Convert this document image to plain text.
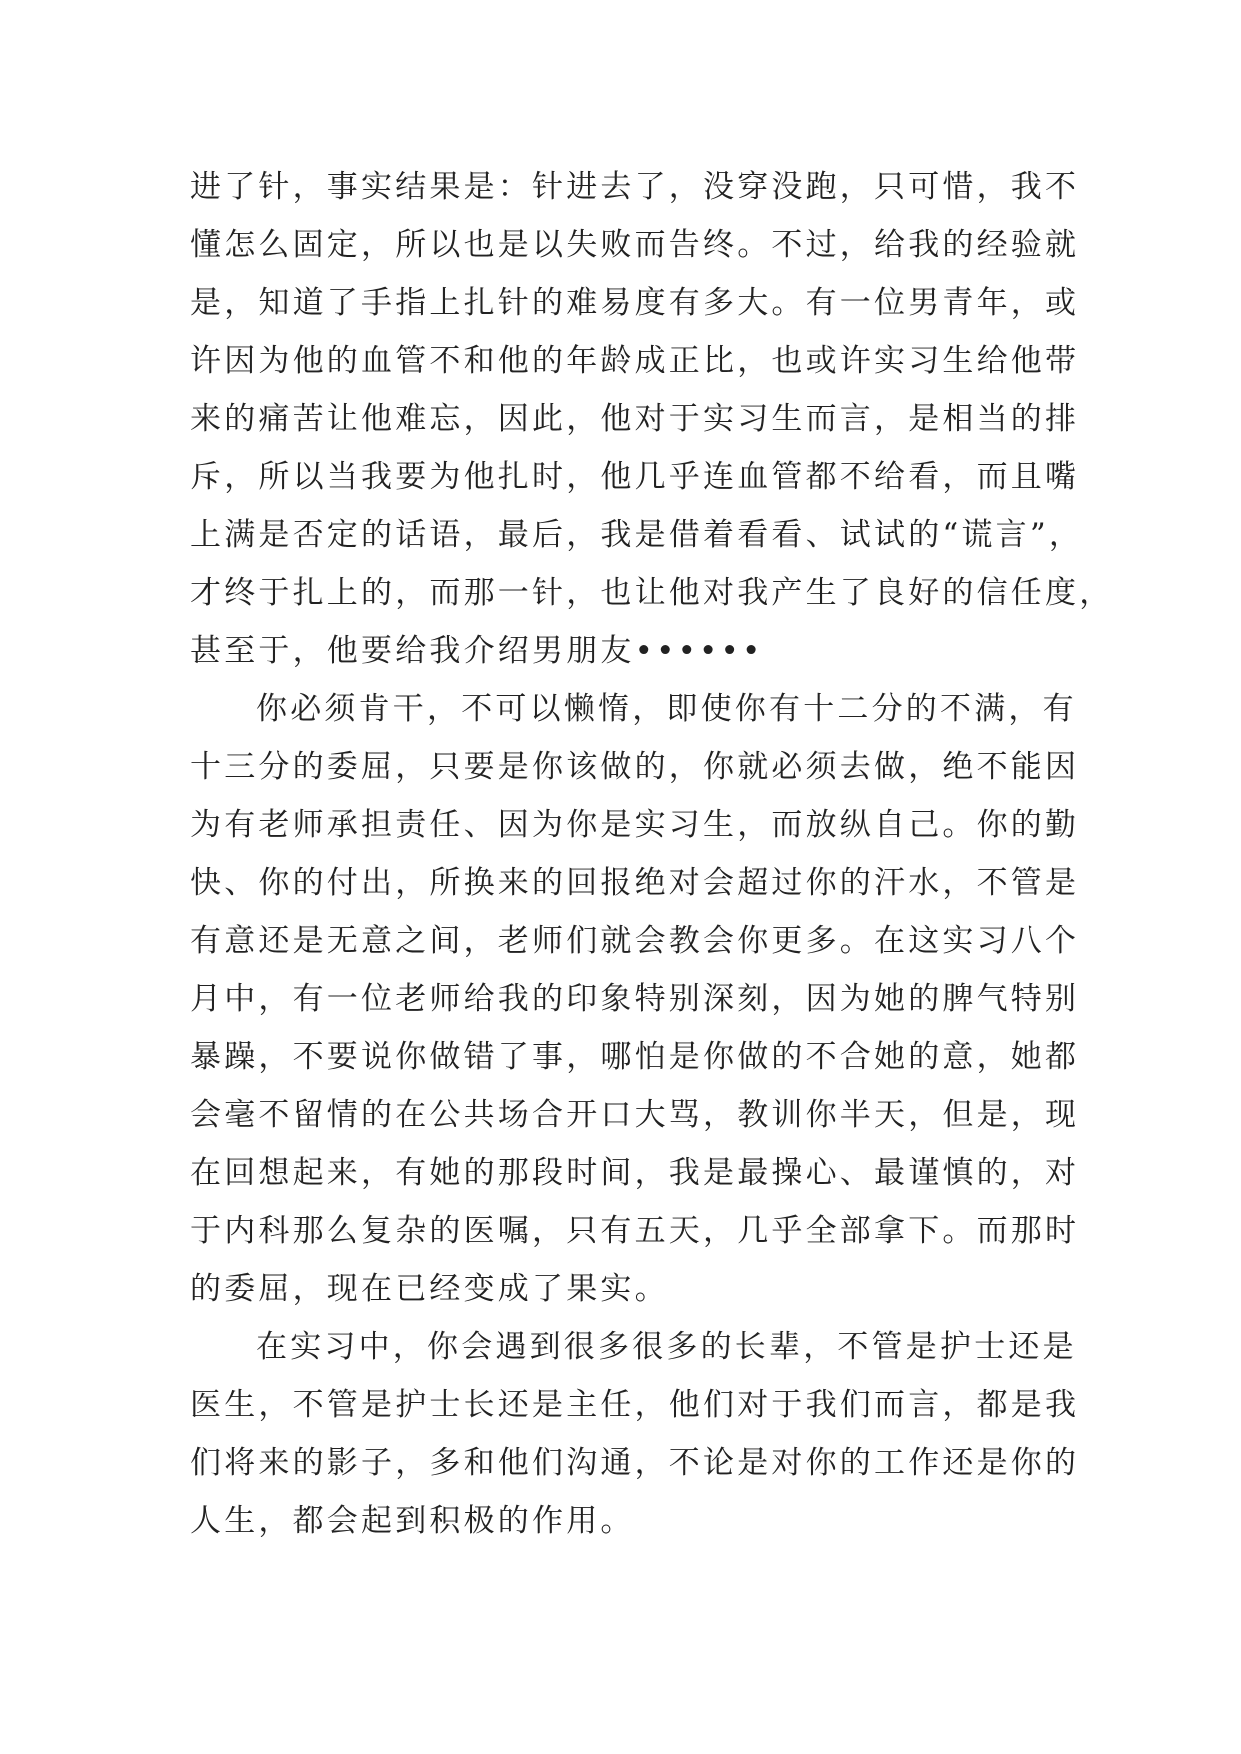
进了针，事实结果是：针进去了，没穿没跑，只可惜，我不
懂怎么固定，所以也是以失败而告终。不过，给我的经验就
是，知道了手指上扎针的难易度有多大。有一位男青年，或
许因为他的血管不和他的年龄成正比，也或许实习生给他带
来的痛苦让他难忘，因此，他对于实习生而言，是相当的排
斥，所以当我要为他扎时，他几乎连血管都不给看，而且嘴
上满是否定的话语，最后，我是借着看看、试试的“谎言”，
才终于扎上的，而那一针，也让他对我产生了良好的信任度，
甚至于，他要给我介绍男朋友••••••
你必须肯干，不可以懒惰，即使你有十二分的不满，有
十三分的委屈，只要是你该做的，你就必须去做，绝不能因
为有老师承担责任、因为你是实习生，而放纵自己。你的勤
快、你的付出，所换来的回报绝对会超过你的汗水，不管是
有意还是无意之间，老师们就会教会你更多。在这实习八个
月中，有一位老师给我的印象特别深刻，因为她的脾气特别
暴躁，不要说你做错了事，哪怕是你做的不合她的意，她都
会毫不留情的在公共场合开口大骂，教训你半天，但是，现
在回想起来，有她的那段时间，我是最操心、最谨慎的，对
于内科那么复杂的医嘱，只有五天，几乎全部拿下。而那时
的委屈，现在已经变成了果实。
在实习中，你会遇到很多很多的长辈，不管是护士还是
医生，不管是护士长还是主任，他们对于我们而言，都是我
们将来的影子，多和他们沟通，不论是对你的工作还是你的
人生，都会起到积极的作用。
